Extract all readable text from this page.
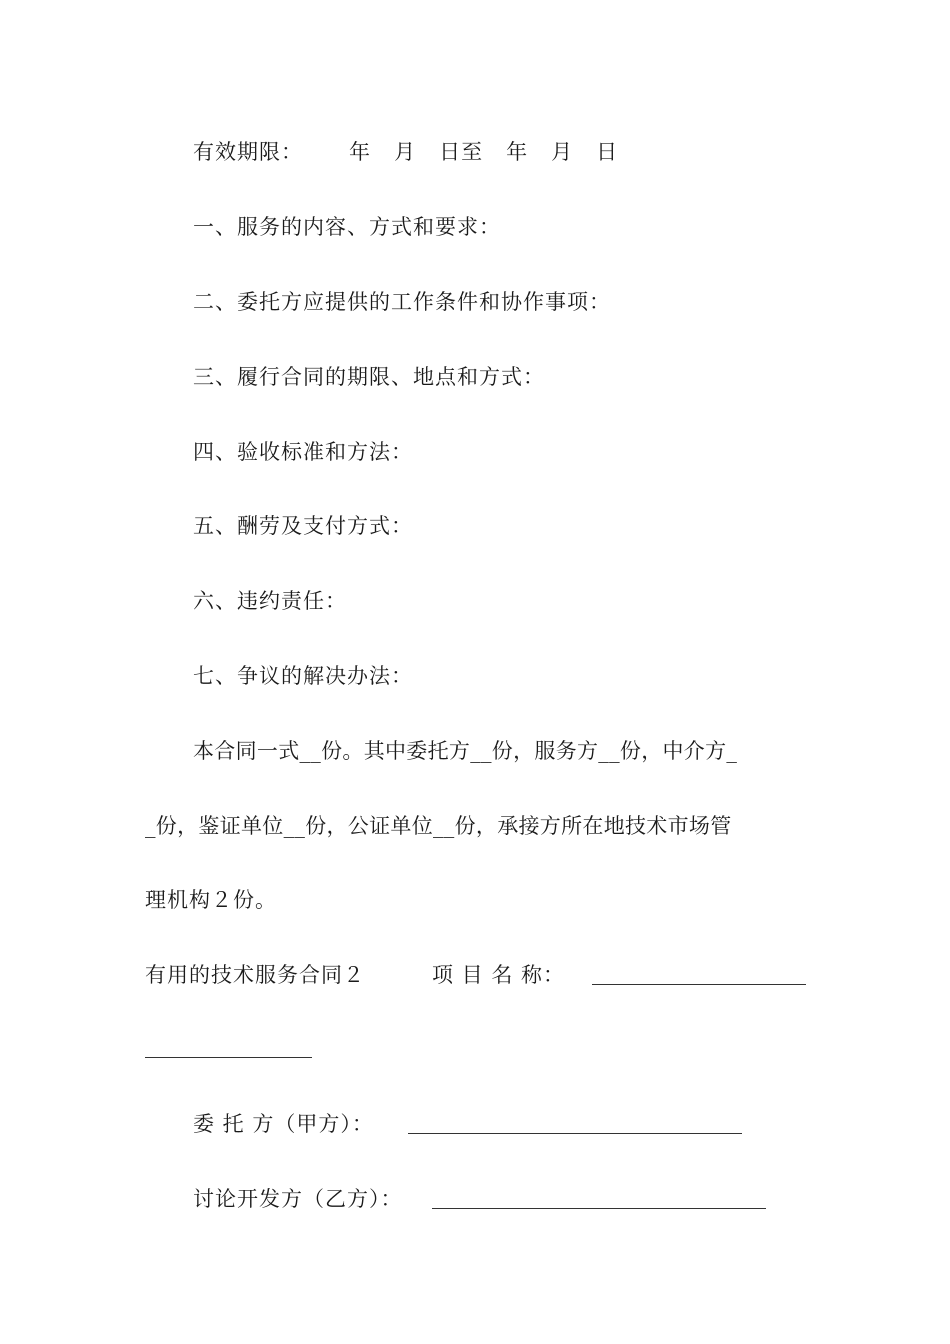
有效期限：      年   月   日至   年   月   日
一、服务的内容、方式和要求：
二、委托方应提供的工作条件和协作事项：
三、履行合同的期限、地点和方式：
四、验收标准和方法：
五、酬劳及支付方式：
六、违约责任：
七、争议的解决办法：
本合同一式__份。其中委托方__份，服务方__份，中介方_
_份，鉴证单位__份，公证单位__份，承接方所在地技术市场管
理机构２份。
有用的技术服务合同２	项 目 名 称：
委 托 方（甲方）：
讨论开发方（乙方）：
